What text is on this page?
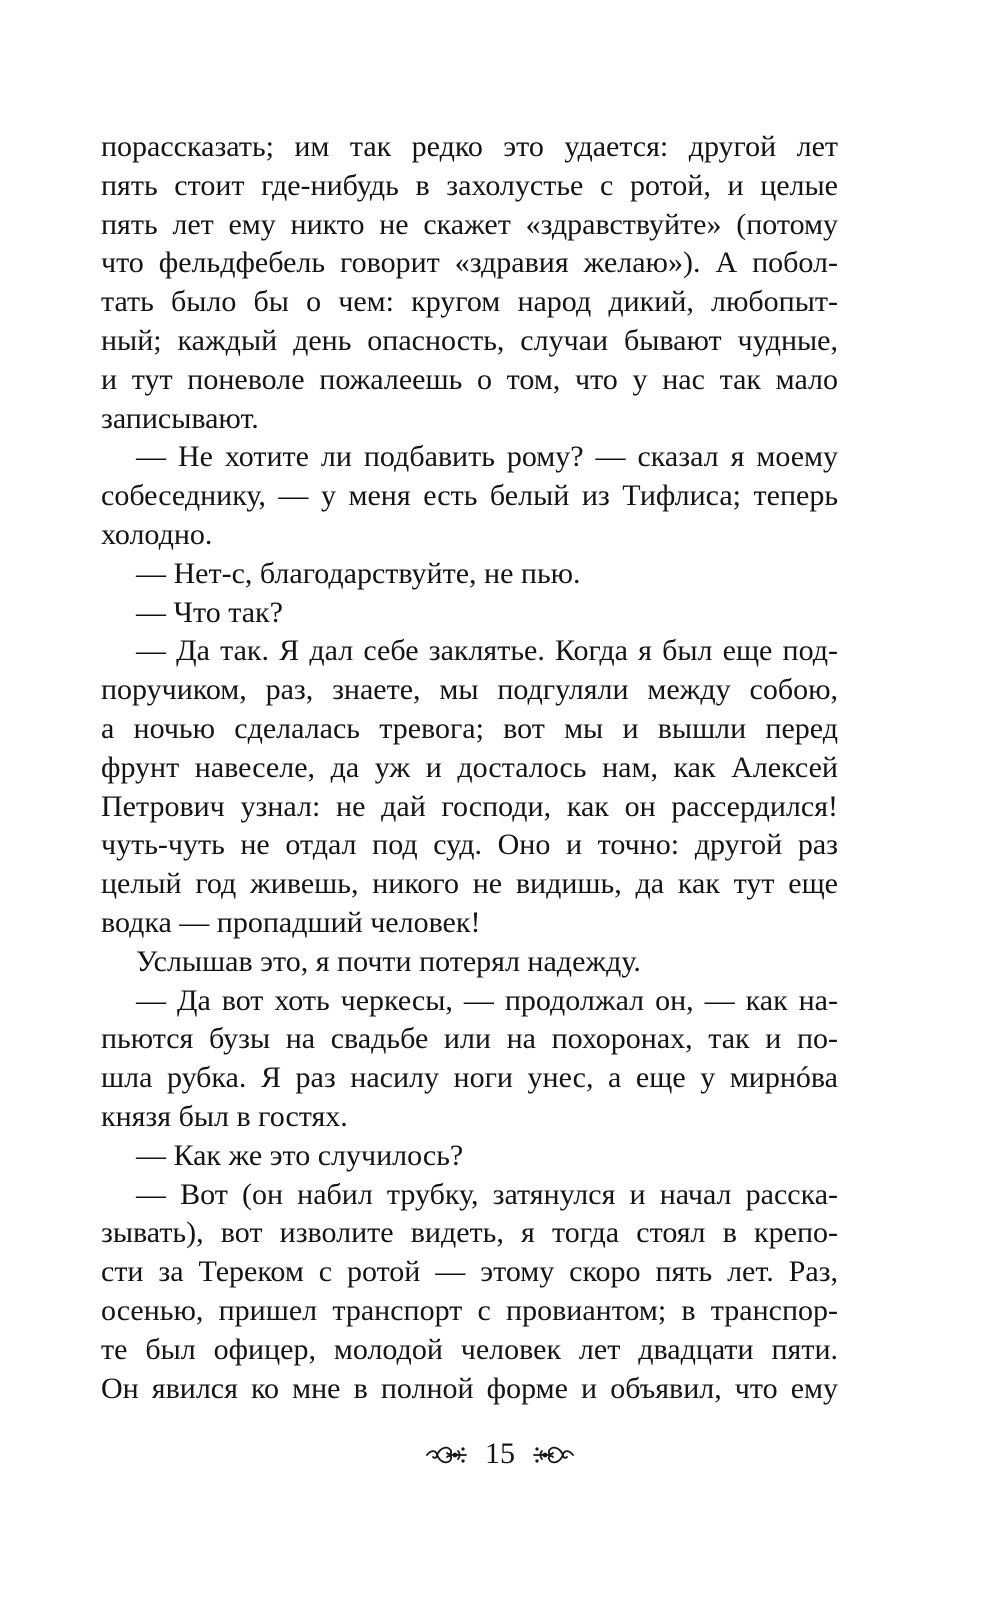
порассказать; им так редко это удается: другой лет
пять стоит где-нибудь в захолустье с ротой, и целые
пять лет ему никто не скажет «здравствуйте» (потому
что фельдфебель говорит «здравия желаю»). А побол-
тать было бы о чем: кругом народ дикий, любопыт-
ный; каждый день опасность, случаи бывают чудные,
и тут поневоле пожалеешь о том, что у нас так мало
записывают.
— Не хотите ли подбавить рому? — сказал я моему
собеседнику, — у меня есть белый из Тифлиса; теперь
холодно.
— Нет-с, благодарствуйте, не пью.
— Что так?
— Да так. Я дал себе заклятье. Когда я был еще под-
поручиком, раз, знаете, мы подгуляли между собою,
а ночью сделалась тревога; вот мы и вышли перед
фрунт навеселе, да уж и досталось нам, как Алексей
Петрович узнал: не дай господи, как он рассердился!
чуть-чуть не отдал под суд. Оно и точно: другой раз
целый год живешь, никого не видишь, да как тут еще
водка — пропадший человек!
Услышав это, я почти потерял надежду.
— Да вот хоть черкесы, — продолжал он, — как на-
пьются бузы на свадьбе или на похоронах, так и по-
шла рубка. Я раз насилу ноги унес, а еще у мирнóва
князя был в гостях.
— Как же это случилось?
— Вот (он набил трубку, затянулся и начал расска-
зывать), вот изволите видеть, я тогда стоял в крепо-
сти за Тереком с ротой — этому скоро пять лет. Раз,
осенью, пришел транспорт с провиантом; в транспор-
те был офицер, молодой человек лет двадцати пяти.
Он явился ко мне в полной форме и объявил, что ему
15
